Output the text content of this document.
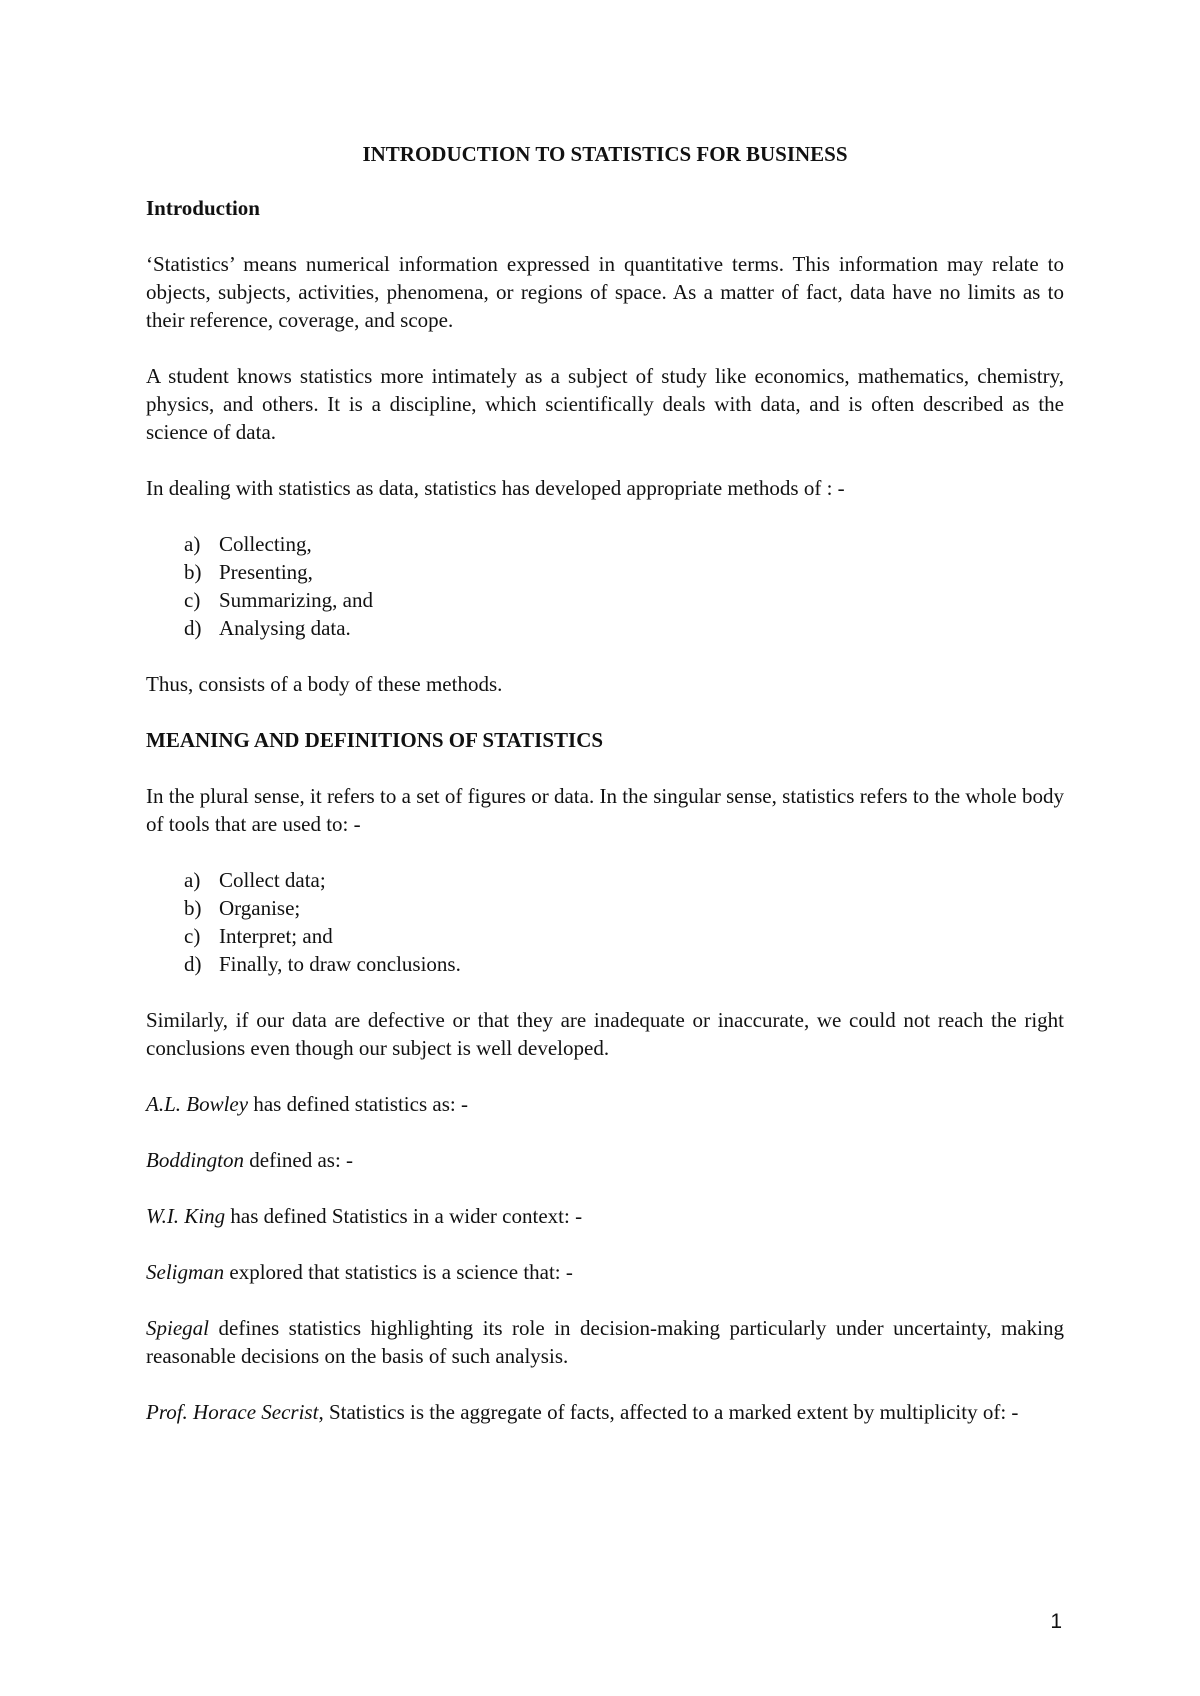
INTRODUCTION TO STATISTICS FOR BUSINESS
Introduction

‘Statistics’ means numerical information expressed in quantitative terms. This information may relate to objects, subjects, activities, phenomena, or regions of space. As a matter of fact, data have no limits as to their reference, coverage, and scope.

A student knows statistics more intimately as a subject of study like economics, mathematics, chemistry, physics, and others. It is a discipline, which scientifically deals with data, and is often described as the science of data.

In dealing with statistics as data, statistics has developed appropriate methods of : -

a) Collecting,
b) Presenting,
c) Summarizing, and
d) Analysing data.

Thus, consists of a body of these methods.

MEANING AND DEFINITIONS OF STATISTICS

In the plural sense, it refers to a set of figures or data. In the singular sense, statistics refers to the whole body of tools that are used to: -

a) Collect data;
b) Organise;
c) Interpret; and
d) Finally, to draw conclusions.

Similarly, if our data are defective or that they are inadequate or inaccurate, we could not reach the right conclusions even though our subject is well developed.

A.L. Bowley has defined statistics as: -

Boddington defined as: -

W.I. King has defined Statistics in a wider context: -

Seligman explored that statistics is a science that: -

Spiegal defines statistics highlighting its role in decision-making particularly under uncertainty, making reasonable decisions on the basis of such analysis.

Prof. Horace Secrist, Statistics is the aggregate of facts, affected to a marked extent by multiplicity of: -

1
